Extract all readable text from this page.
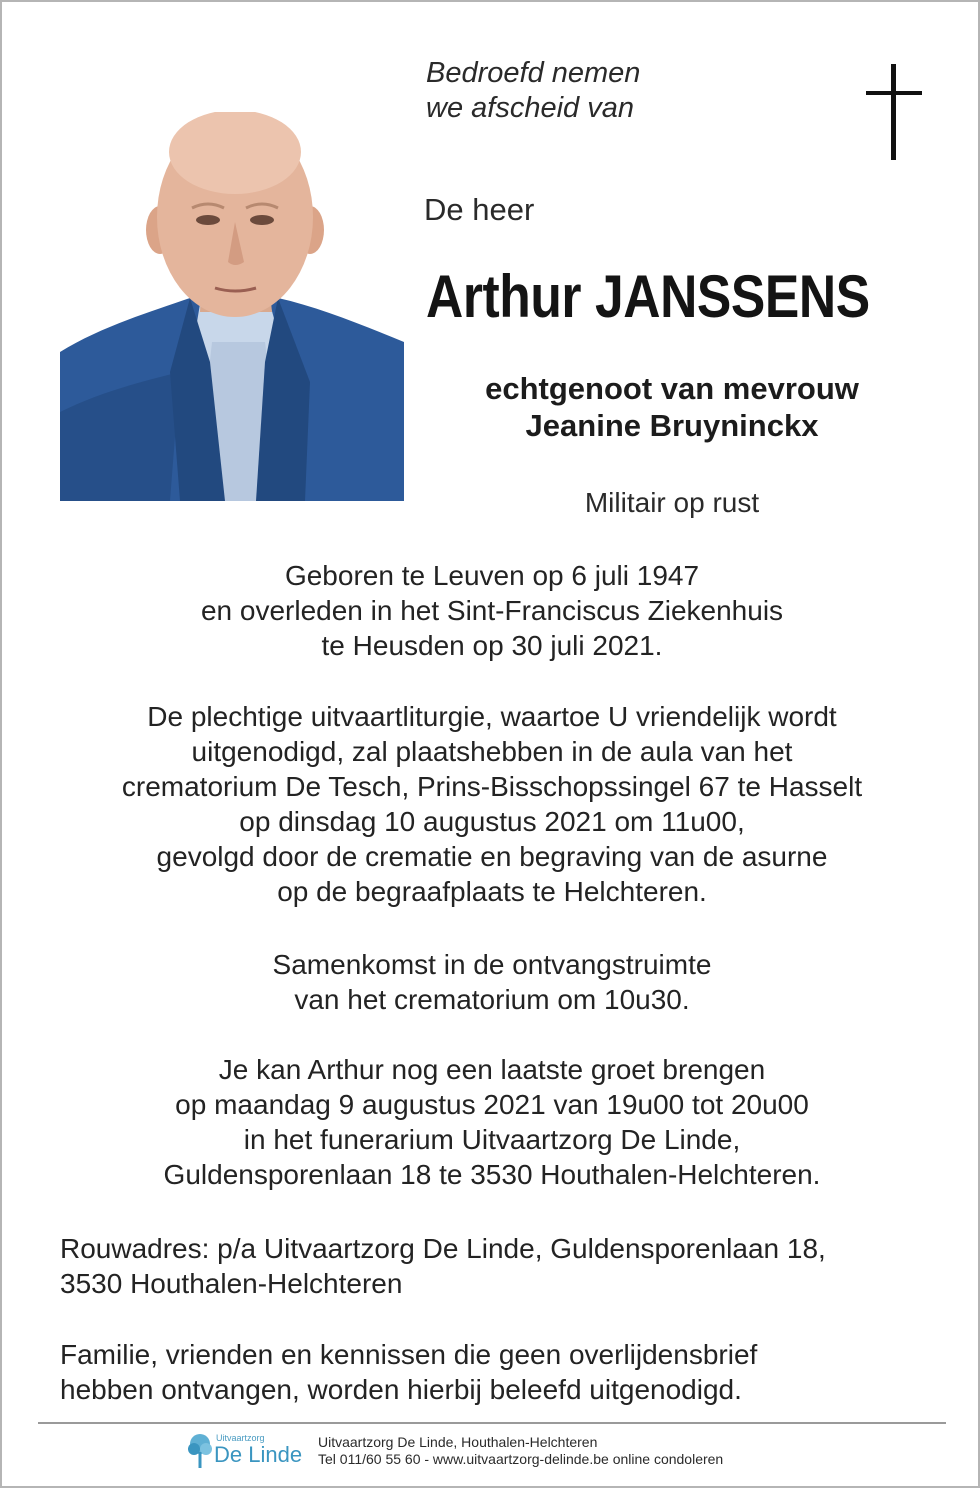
Bedroefd nemen
we afscheid van
De heer
Arthur JANSSENS
echtgenoot van mevrouw
Jeanine Bruyninckx
Militair op rust
Geboren te Leuven op 6 juli 1947
en overleden in het Sint-Franciscus Ziekenhuis
te Heusden op 30 juli 2021.
De plechtige uitvaartliturgie, waartoe U vriendelijk wordt
uitgenodigd, zal plaatshebben in de aula van het
crematorium De Tesch, Prins-Bisschopssingel 67 te Hasselt
op dinsdag 10 augustus 2021 om 11u00,
gevolgd door de crematie en begraving van de asurne
op de begraafplaats te Helchteren.
Samenkomst in de ontvangstruimte
van het crematorium om 10u30.
Je kan Arthur nog een laatste groet brengen
op maandag 9 augustus 2021 van 19u00 tot 20u00
in het funerarium Uitvaartzorg De Linde,
Guldensporenlaan 18 te 3530 Houthalen-Helchteren.
Rouwadres: p/a Uitvaartzorg De Linde, Guldensporenlaan 18,
3530 Houthalen-Helchteren
Familie, vrienden en kennissen die geen overlijdensbrief
hebben ontvangen, worden hierbij beleefd uitgenodigd.
Uitvaartzorg
De Linde Uitvaartzorg De Linde, Houthalen-Helchteren
Tel 011/60 55 60 - www.uitvaartzorg-delinde.be online condoleren
